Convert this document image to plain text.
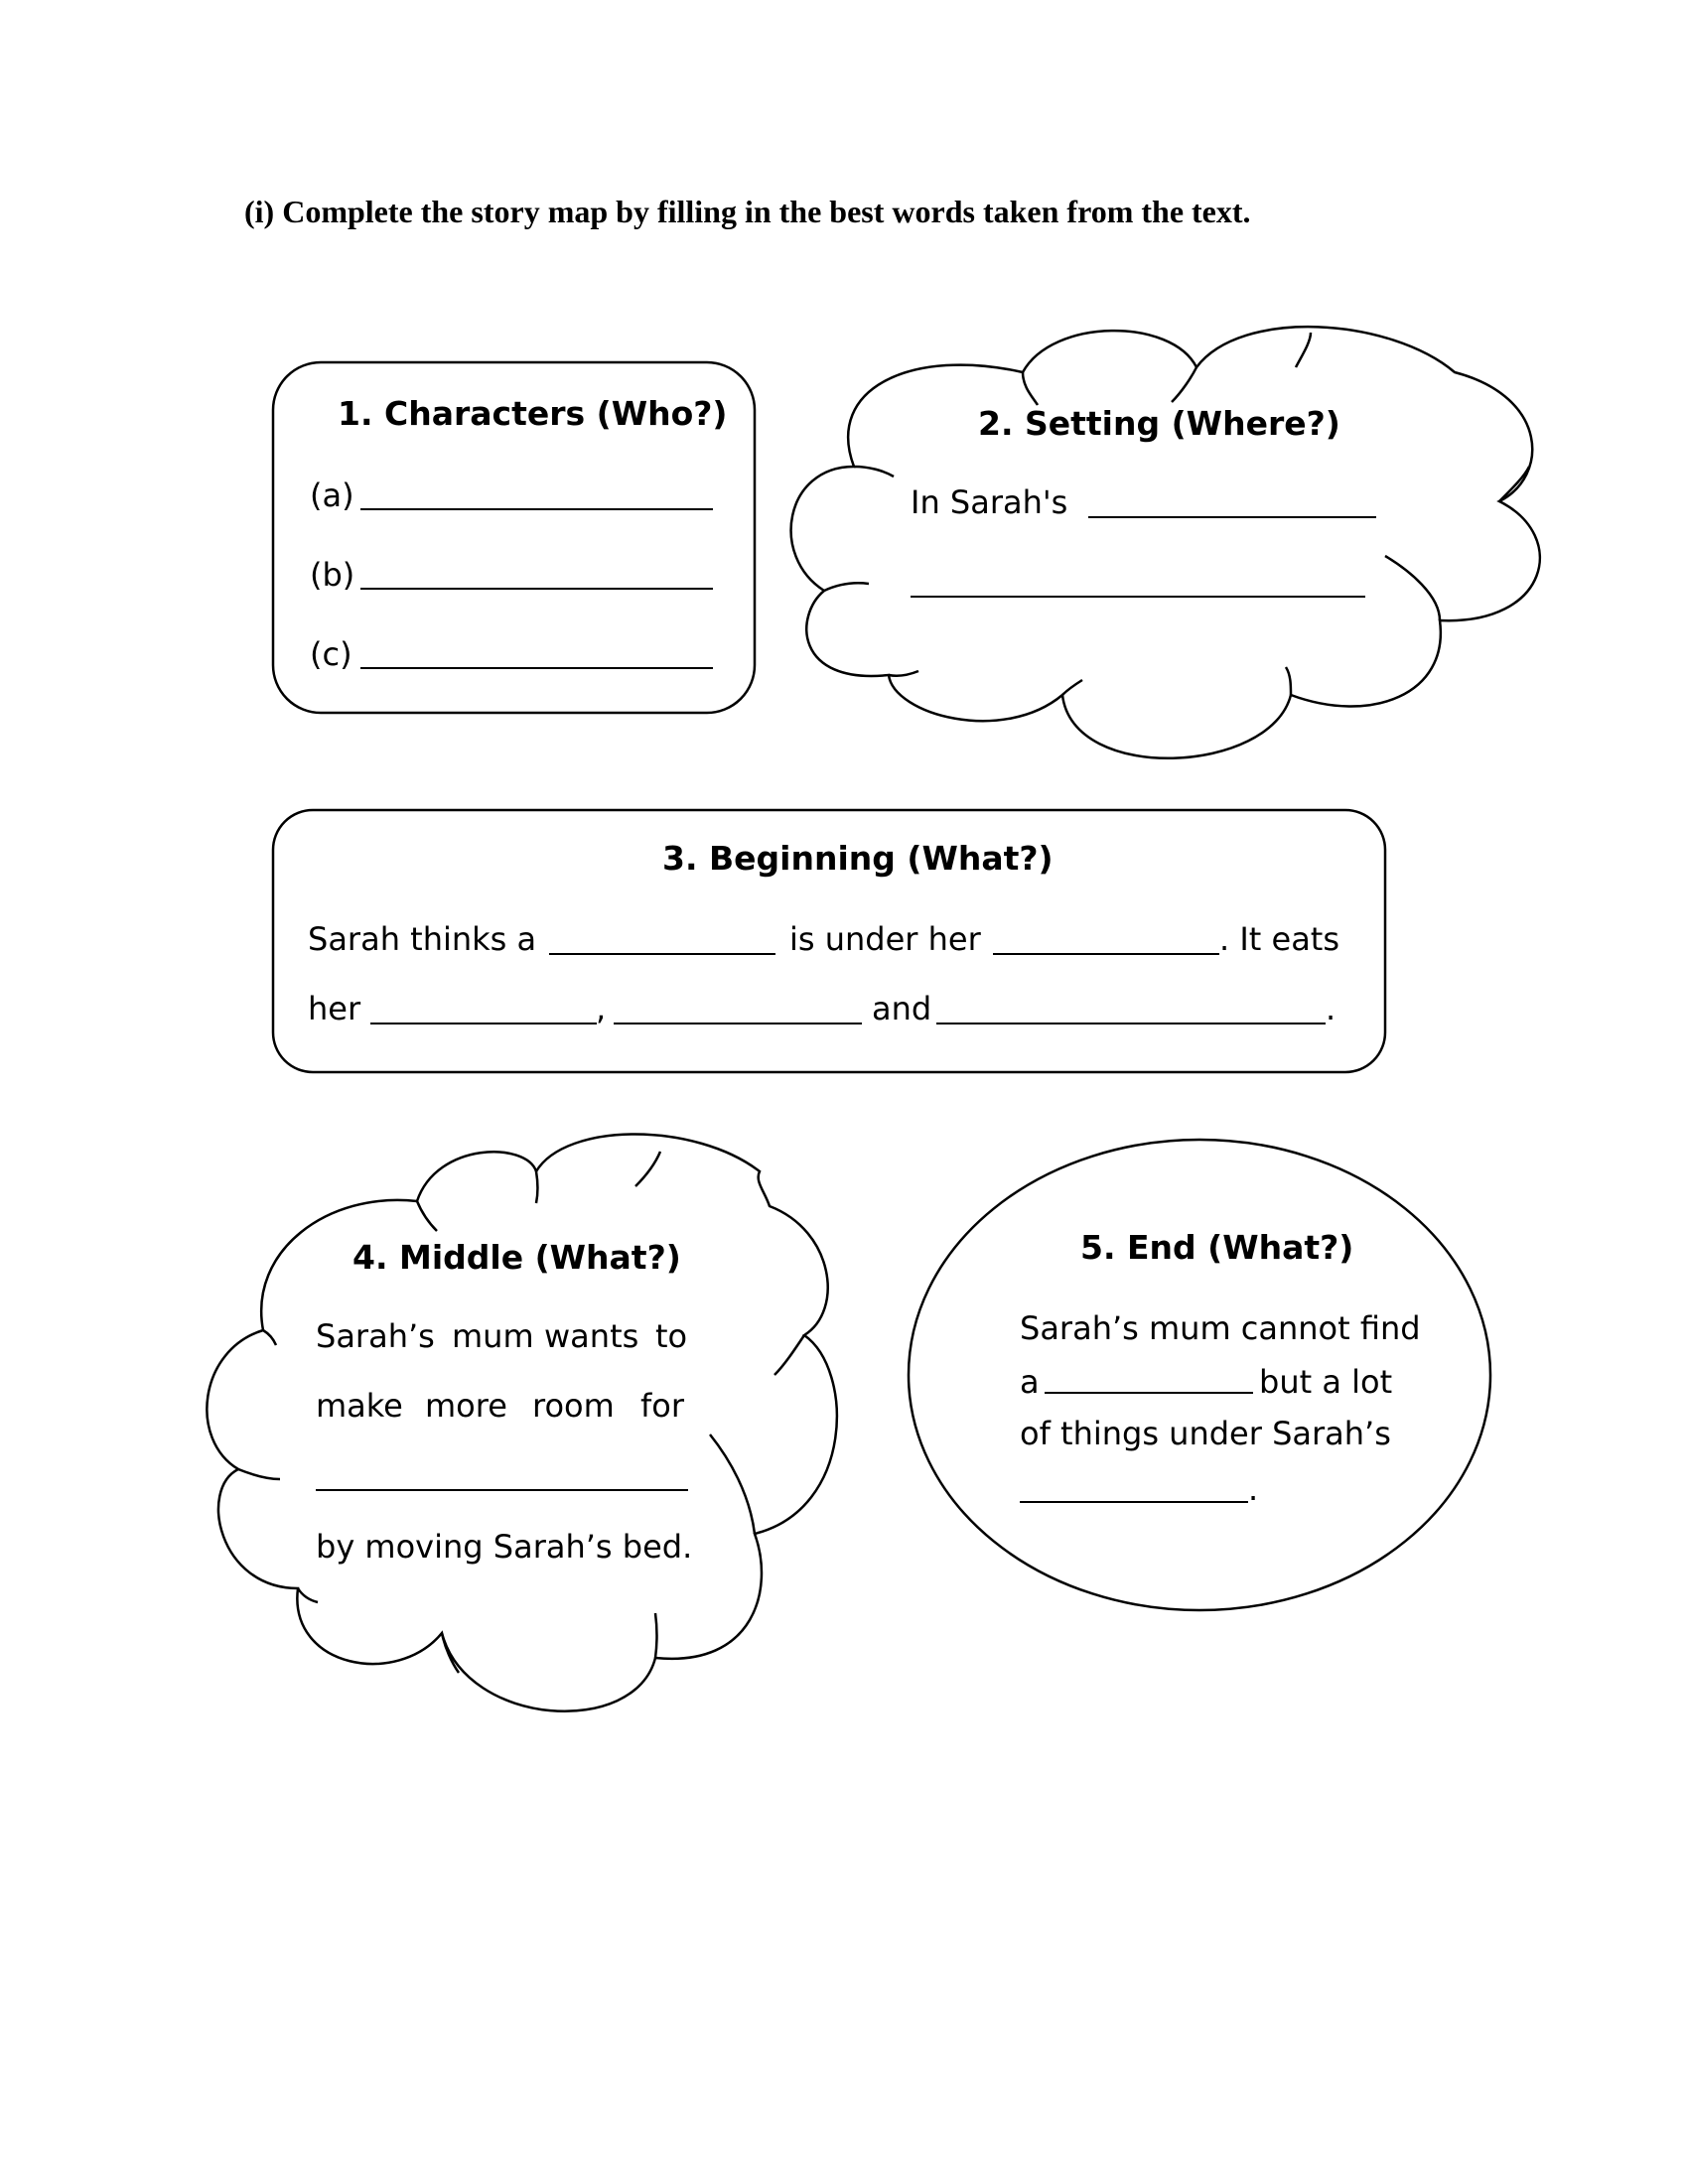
(i) Complete the story map by filling in the best words taken from the text.
1. Characters (Who?)
(a)
(b)
(c)
2. Setting (Where?)
In Sarah's
3. Beginning (What?)
Sarah thinks a	is under her	. It eats
her	,	and	.
4. Middle (What?)
Sarah’s mum wants to
make more room for
by moving Sarah’s bed.
5. End (What?)
Sarah’s mum cannot find
a	but a lot
of things under Sarah’s
.
